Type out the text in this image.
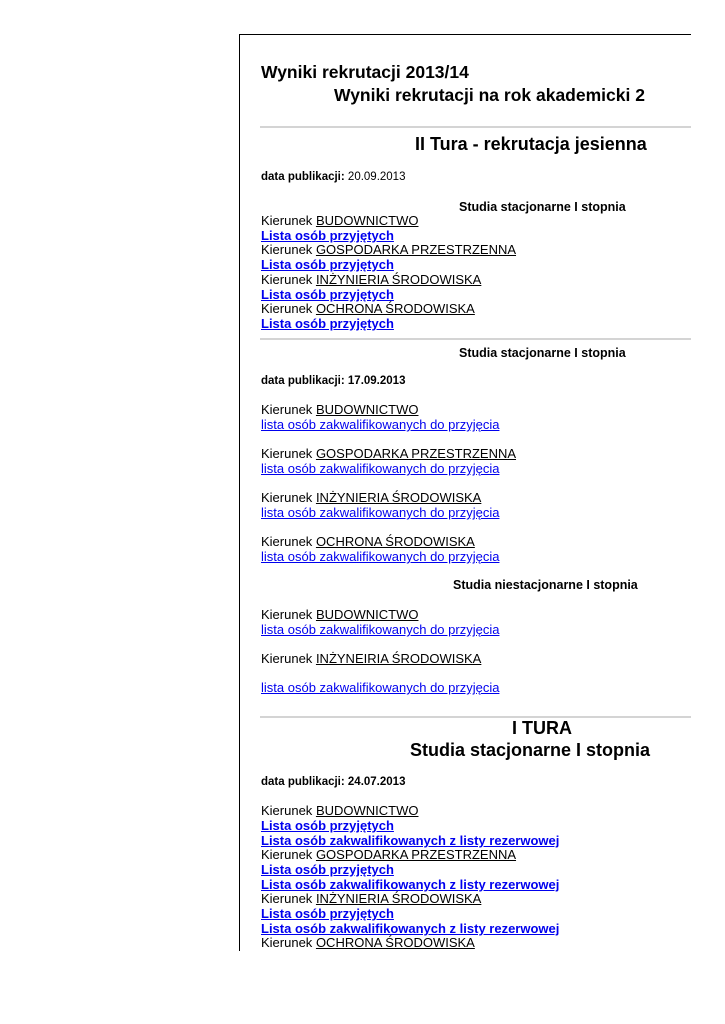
Wyniki rekrutacji 2013/14
Wyniki rekrutacji na rok akademicki 2
II Tura - rekrutacja jesienna
data publikacji: 20.09.2013
Studia stacjonarne I stopnia
Kierunek BUDOWNICTWO
Lista osób przyjętych
Kierunek GOSPODARKA PRZESTRZENNA
Lista osób przyjętych
Kierunek INŻYNIERIA ŚRODOWISKA
Lista osób przyjętych
Kierunek OCHRONA ŚRODOWISKA
Lista osób przyjętych
Studia stacjonarne I stopnia
data publikacji: 17.09.2013
Kierunek BUDOWNICTWO
lista osób zakwalifikowanych do przyjęcia
Kierunek GOSPODARKA PRZESTRZENNA
lista osób zakwalifikowanych do przyjęcia
Kierunek INŻYNIERIA ŚRODOWISKA
lista osób zakwalifikowanych do przyjęcia
Kierunek OCHRONA ŚRODOWISKA
lista osób zakwalifikowanych do przyjęcia
Studia niestacjonarne I stopnia
Kierunek BUDOWNICTWO
lista osób zakwalifikowanych do przyjęcia
Kierunek INŻYNEIRIA ŚRODOWISKA
lista osób zakwalifikowanych do przyjęcia
I TURA
Studia stacjonarne I stopnia
data publikacji: 24.07.2013
Kierunek BUDOWNICTWO
Lista osób przyjętych
Lista osób zakwalifikowanych z listy rezerwowej
Kierunek GOSPODARKA PRZESTRZENNA
Lista osób przyjętych
Lista osób zakwalifikowanych z listy rezerwowej
Kierunek INŻYNIERIA ŚRODOWISKA
Lista osób przyjętych
Lista osób zakwalifikowanych z listy rezerwowej
Kierunek OCHRONA ŚRODOWISKA
